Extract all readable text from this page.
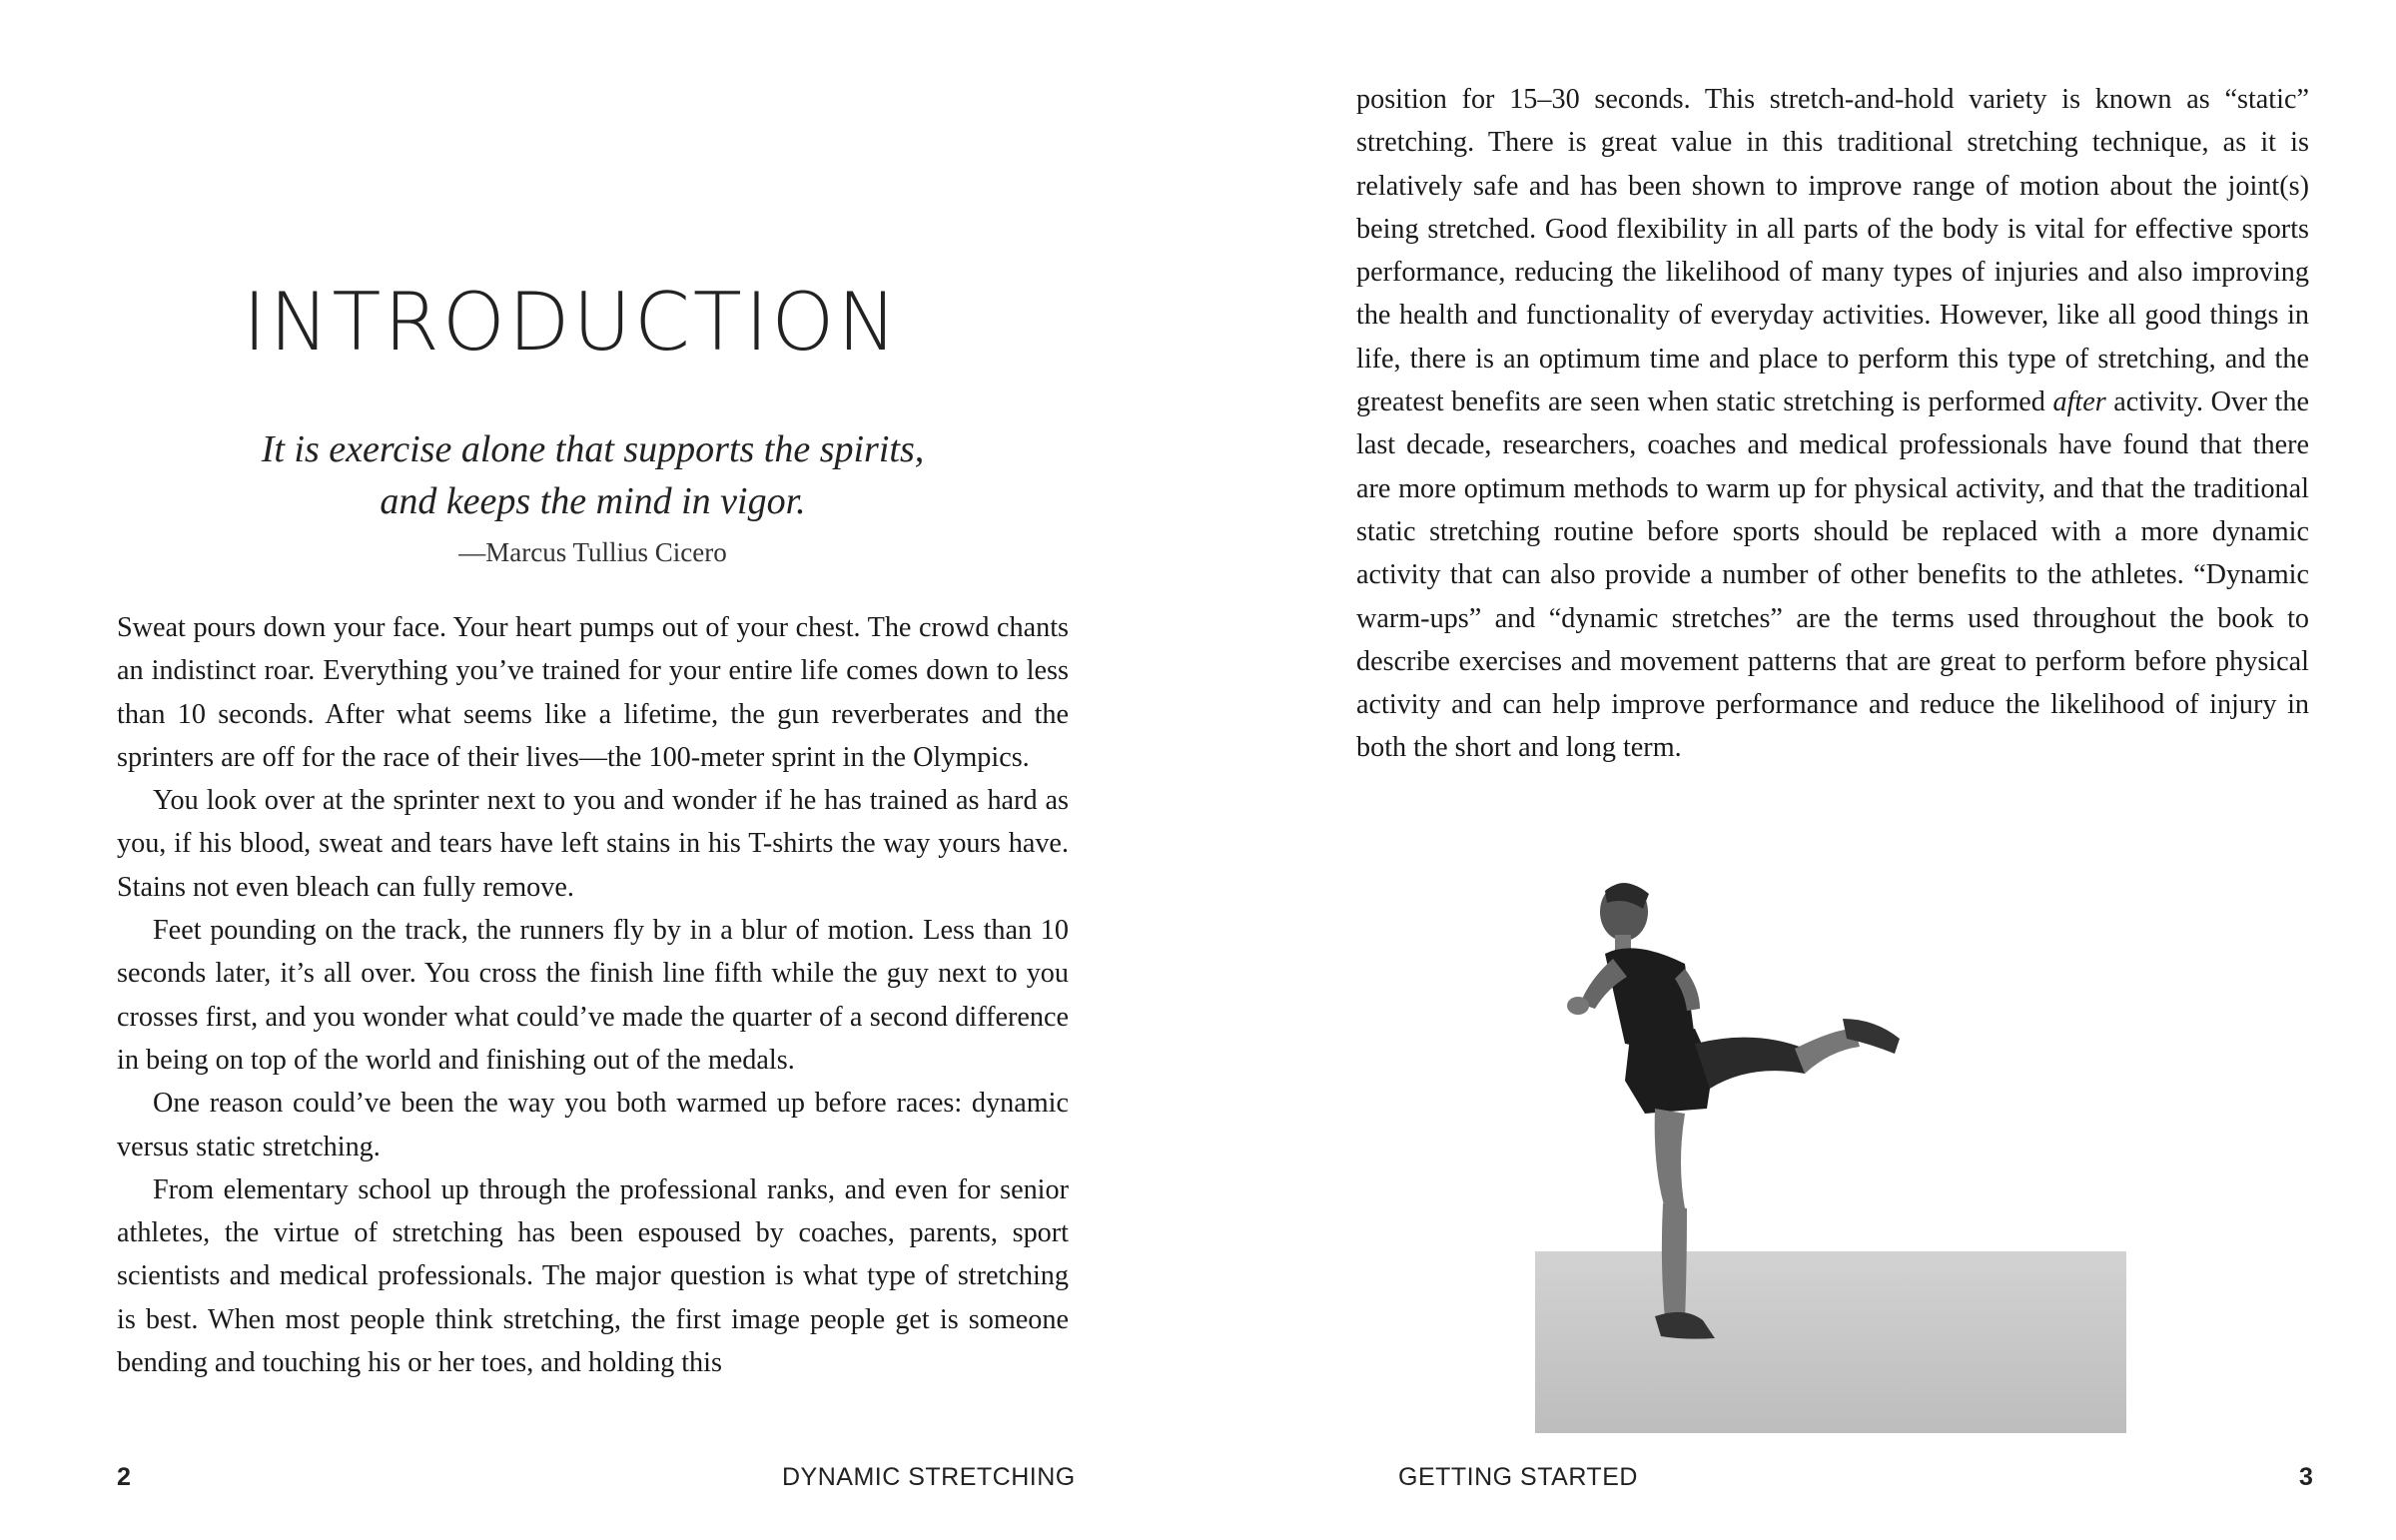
INTRODUCTION
It is exercise alone that supports the spirits,
and keeps the mind in vigor.
—Marcus Tullius Cicero

Sweat pours down your face. Your heart pumps out of your chest. The crowd chants an indistinct roar. Everything you’ve trained for your entire life comes down to less than 10 seconds. After what seems like a lifetime, the gun reverberates and the sprinters are off for the race of their lives—the 100-meter sprint in the Olympics.

You look over at the sprinter next to you and wonder if he has trained as hard as you, if his blood, sweat and tears have left stains in his T-shirts the way yours have. Stains not even bleach can fully remove.

Feet pounding on the track, the runners fly by in a blur of motion. Less than 10 seconds later, it’s all over. You cross the finish line fifth while the guy next to you crosses first, and you wonder what could’ve made the quarter of a second difference in being on top of the world and finishing out of the medals.

One reason could’ve been the way you both warmed up before races: dynamic versus static stretching.

From elementary school up through the professional ranks, and even for senior athletes, the virtue of stretching has been espoused by coaches, parents, sport scientists and medical professionals. The major question is what type of stretching is best. When most people think stretching, the first image people get is someone bending and touching his or her toes, and holding this

2	DYNAMIC STRETCHING

position for 15–30 seconds. This stretch-and-hold variety is known as “static” stretching. There is great value in this traditional stretching technique, as it is relatively safe and has been shown to improve range of motion about the joint(s) being stretched. Good flexibility in all parts of the body is vital for effective sports performance, reducing the likelihood of many types of injuries and also improving the health and functionality of everyday activities. However, like all good things in life, there is an optimum time and place to perform this type of stretching, and the greatest benefits are seen when static stretching is performed after activity. Over the last decade, researchers, coaches and medical professionals have found that there are more optimum methods to warm up for physical activity, and that the traditional static stretching routine before sports should be replaced with a more dynamic activity that can also provide a number of other benefits to the athletes. “Dynamic warm-ups” and “dynamic stretches” are the terms used throughout the book to describe exercises and movement patterns that are great to perform before physical activity and can help improve performance and reduce the likelihood of injury in both the short and long term.

GETTING STARTED	3
